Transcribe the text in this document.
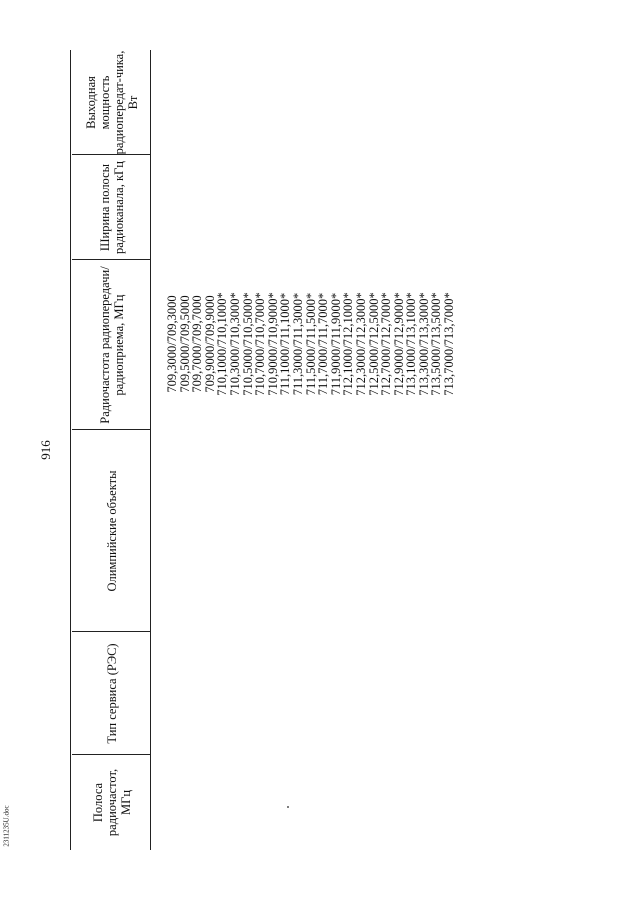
916
2311235U.doc
Полоса радиочастот, МГц
Тип сервиса (РЭС)
Олимпийские объекты
Радиочастота радиопередачи/ радиоприема, МГц
Ширина полосы радиоканала, кГц
Выходная мощность радиопередат-чика, Вт
709,3000/709,3000
709,5000/709,5000
709,7000/709,7000
709,9000/709,9000
710,1000/710,1000*
710,3000/710,3000*
710,5000/710,5000*
710,7000/710,7000*
710,9000/710,9000*
711,1000/711,1000*
711,3000/711,3000*
711,5000/711,5000*
711,7000/711,7000*
711,9000/711,9000*
712,1000/712,1000*
712,3000/712,3000*
712,5000/712,5000*
712,7000/712,7000*
712,9000/712,9000*
713,1000/713,1000*
713,3000/713,3000*
713,5000/713,5000*
713,7000/713,7000*
